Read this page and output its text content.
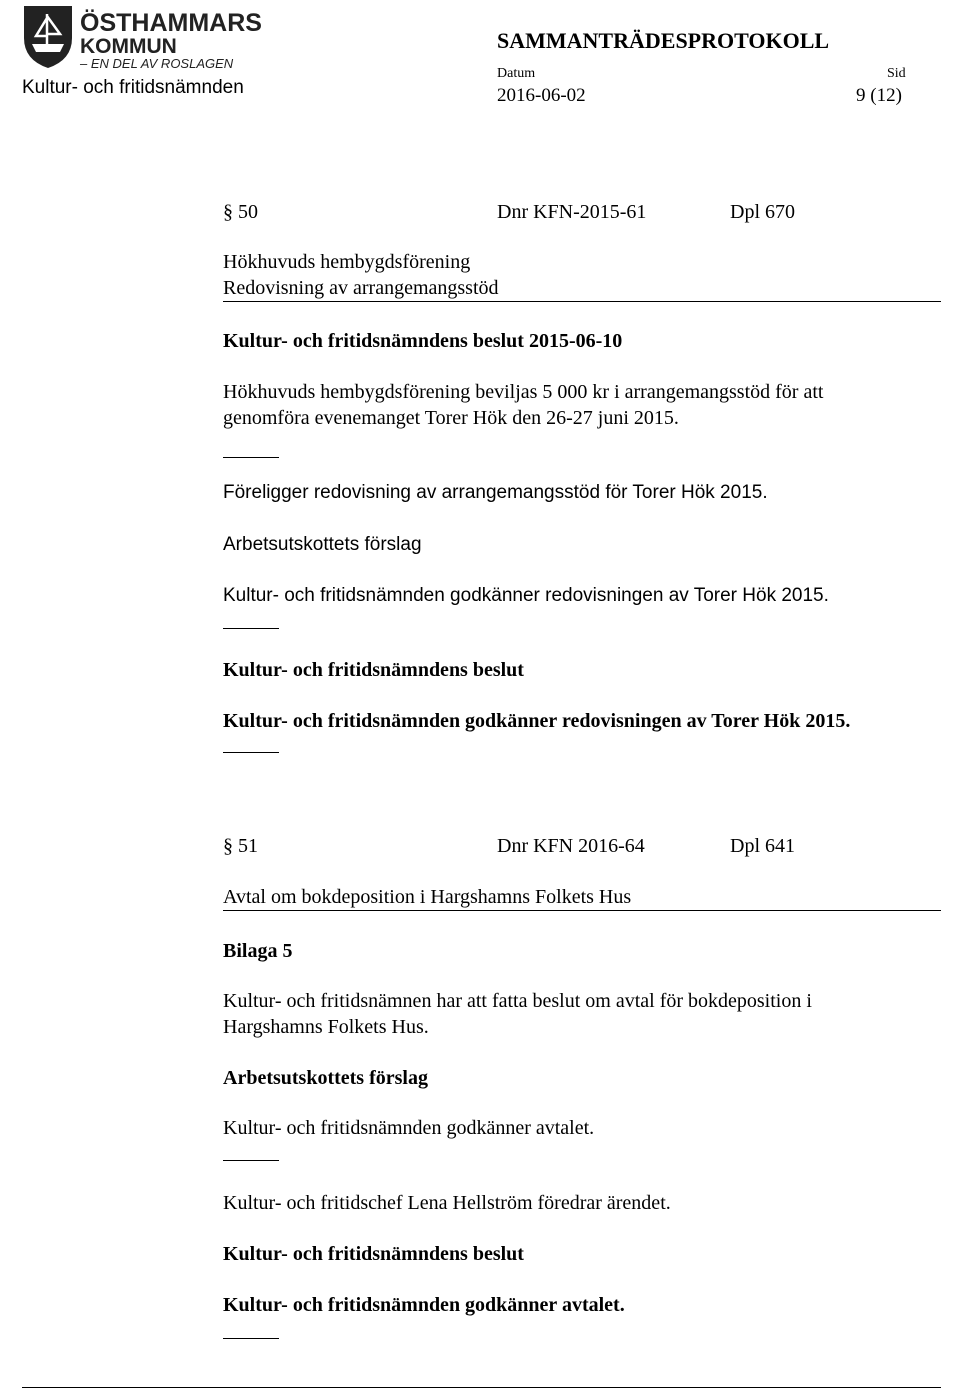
ÖSTHAMMARS
KOMMUN
– EN DEL AV ROSLAGEN
SAMMANTRÄDESPROTOKOLL
Kultur- och fritidsnämnden
Datum
2016-06-02
Sid
9 (12)
§ 50	Dnr KFN-2015-61	Dpl 670
Hökhuvuds hembygdsförening
Redovisning av arrangemangsstöd
Kultur- och fritidsnämndens beslut 2015-06-10
Hökhuvuds hembygdsförening beviljas 5 000 kr i arrangemangsstöd för att
genomföra evenemanget Torer Hök den 26-27 juni 2015.
Föreligger redovisning av arrangemangsstöd för Torer Hök 2015.
Arbetsutskottets förslag
Kultur- och fritidsnämnden godkänner redovisningen av Torer Hök 2015.
Kultur- och fritidsnämndens beslut
Kultur- och fritidsnämnden godkänner redovisningen av Torer Hök 2015.
§ 51	Dnr KFN 2016-64	Dpl 641
Avtal om bokdeposition i Hargshamns Folkets Hus
Bilaga 5
Kultur- och fritidsnämnen har att fatta beslut om avtal för bokdeposition i
Hargshamns Folkets Hus.
Arbetsutskottets förslag
Kultur- och fritidsnämnden godkänner avtalet.
Kultur- och fritidschef Lena Hellström föredrar ärendet.
Kultur- och fritidsnämndens beslut
Kultur- och fritidsnämnden godkänner avtalet.
